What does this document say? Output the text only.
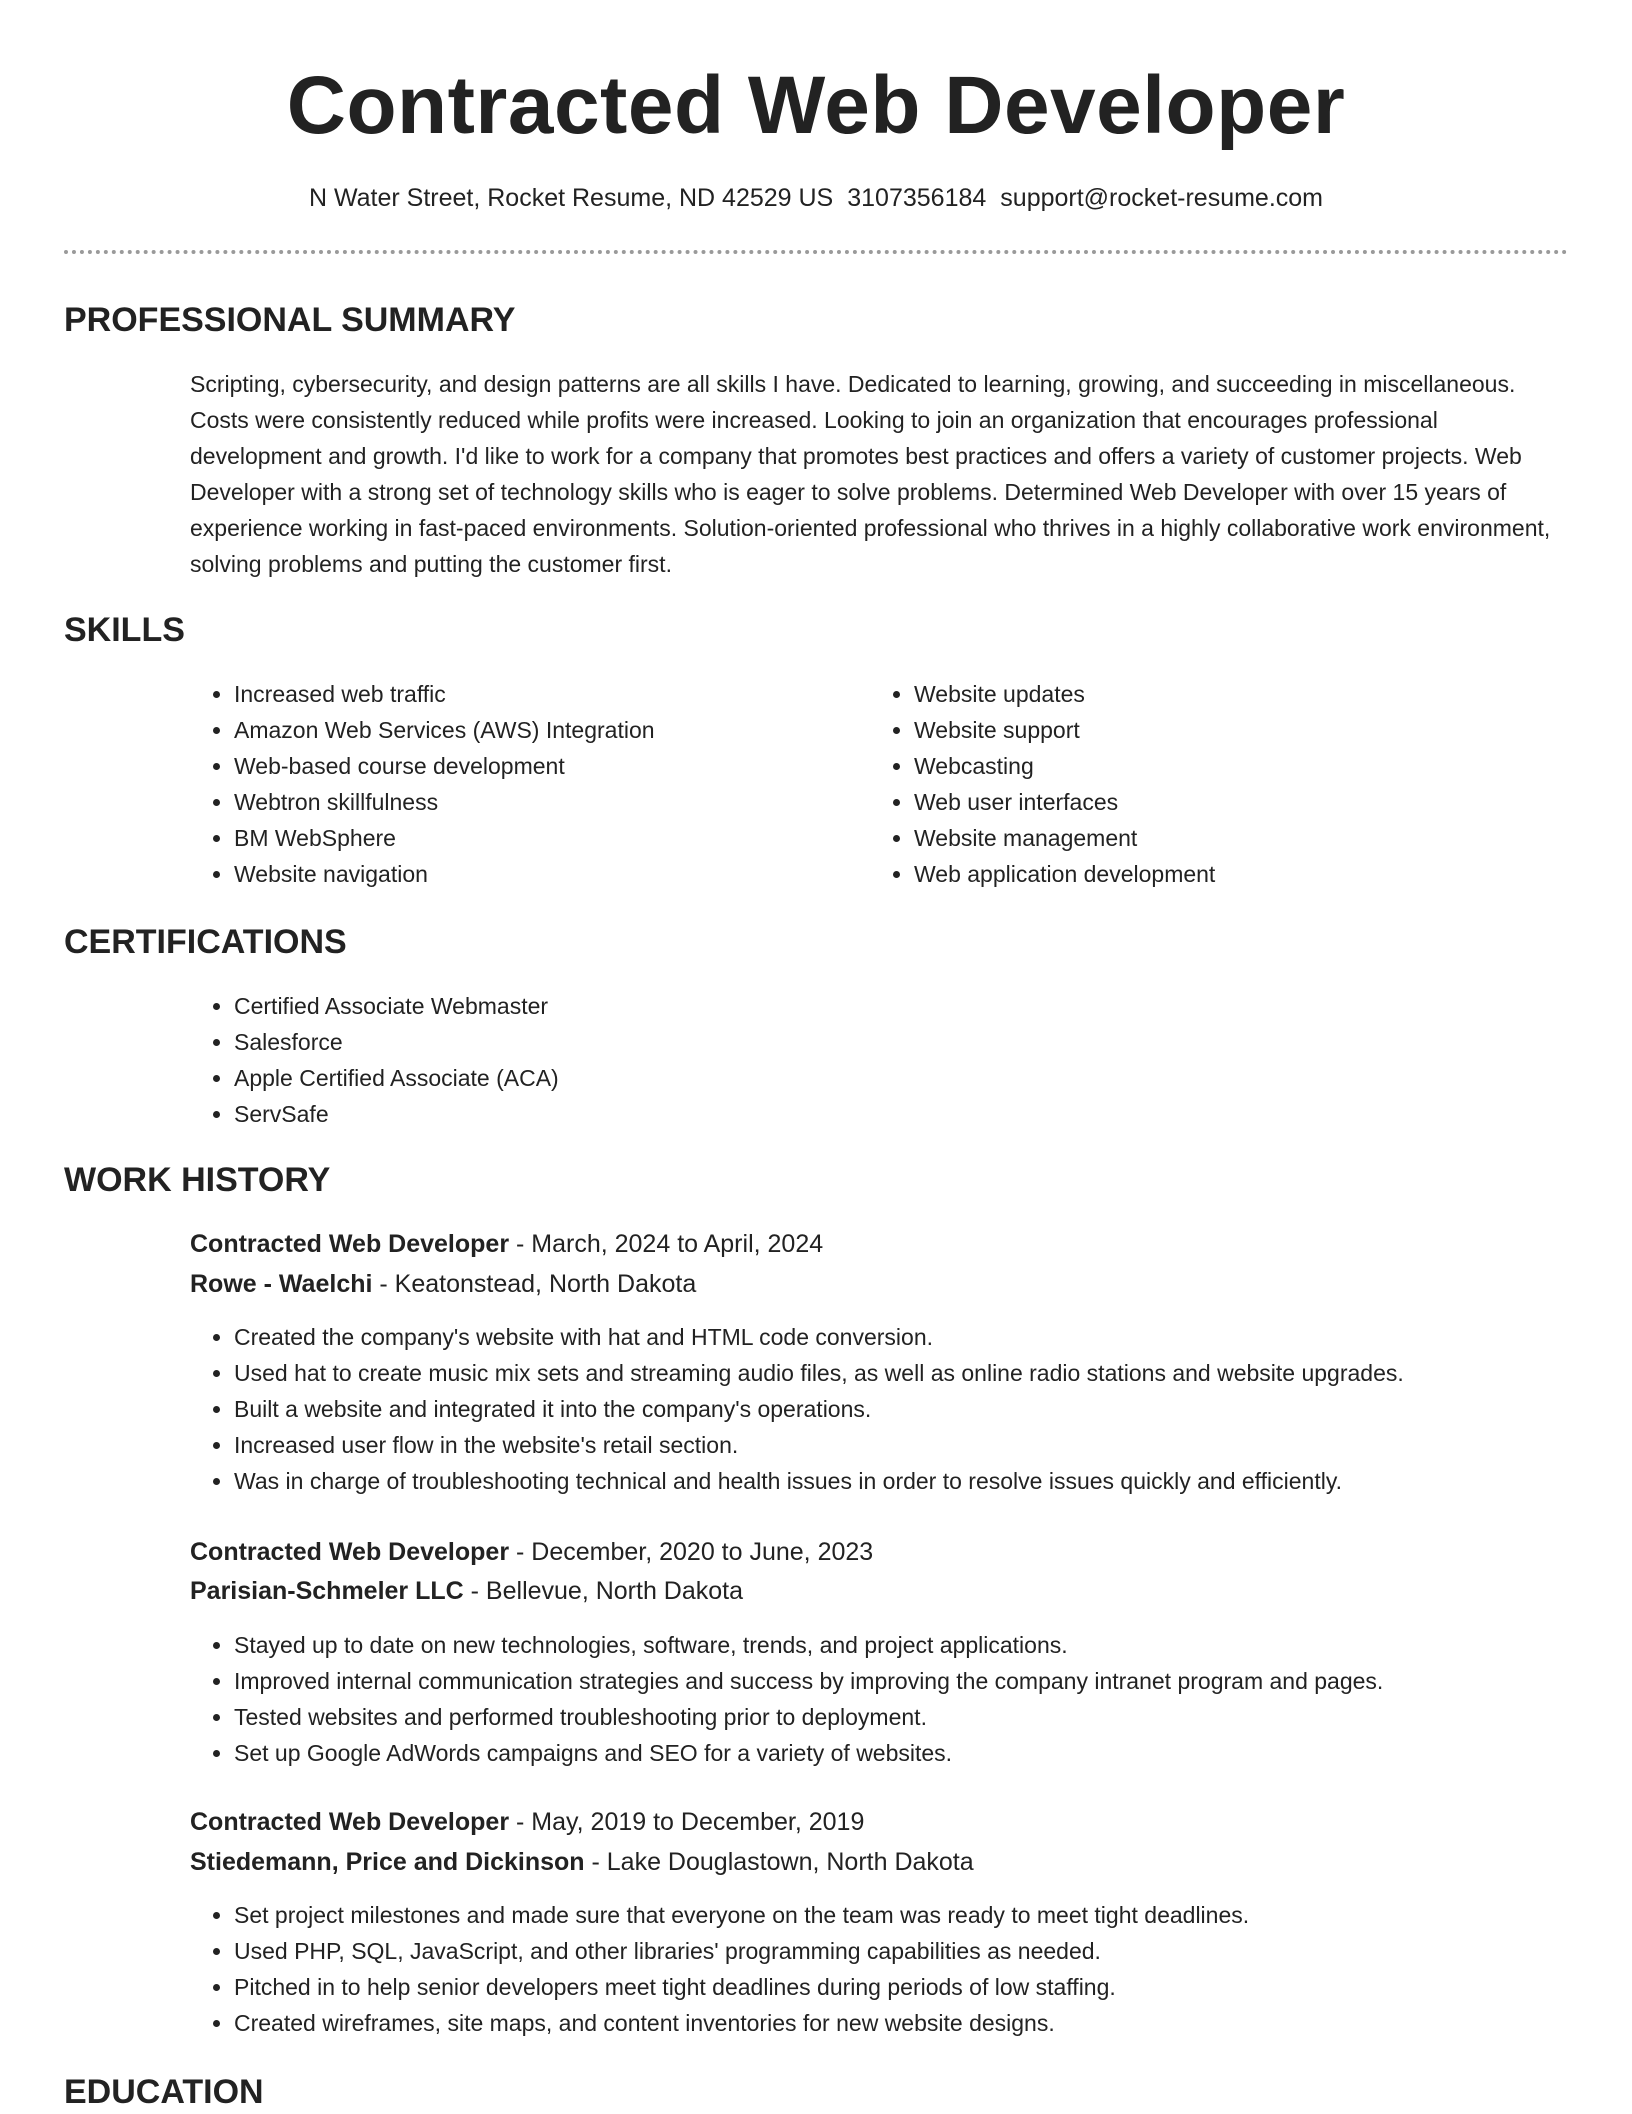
Contracted Web Developer
N Water Street, Rocket Resume, ND 42529 US 3107356184 support@rocket-resume.com
PROFESSIONAL SUMMARY
Scripting, cybersecurity, and design patterns are all skills I have. Dedicated to learning, growing, and succeeding in miscellaneous. Costs were consistently reduced while profits were increased. Looking to join an organization that encourages professional development and growth. I'd like to work for a company that promotes best practices and offers a variety of customer projects. Web Developer with a strong set of technology skills who is eager to solve problems. Determined Web Developer with over 15 years of experience working in fast-paced environments. Solution-oriented professional who thrives in a highly collaborative work environment, solving problems and putting the customer first.
SKILLS
• Increased web traffic
• Amazon Web Services (AWS) Integration
• Web-based course development
• Webtron skillfulness
• BM WebSphere
• Website navigation
• Website updates
• Website support
• Webcasting
• Web user interfaces
• Website management
• Web application development
CERTIFICATIONS
• Certified Associate Webmaster
• Salesforce
• Apple Certified Associate (ACA)
• ServSafe
WORK HISTORY
Contracted Web Developer - March, 2024 to April, 2024
Rowe - Waelchi - Keatonstead, North Dakota
• Created the company's website with hat and HTML code conversion.
• Used hat to create music mix sets and streaming audio files, as well as online radio stations and website upgrades.
• Built a website and integrated it into the company's operations.
• Increased user flow in the website's retail section.
• Was in charge of troubleshooting technical and health issues in order to resolve issues quickly and efficiently.
Contracted Web Developer - December, 2020 to June, 2023
Parisian-Schmeler LLC - Bellevue, North Dakota
• Stayed up to date on new technologies, software, trends, and project applications.
• Improved internal communication strategies and success by improving the company intranet program and pages.
• Tested websites and performed troubleshooting prior to deployment.
• Set up Google AdWords campaigns and SEO for a variety of websites.
Contracted Web Developer - May, 2019 to December, 2019
Stiedemann, Price and Dickinson - Lake Douglastown, North Dakota
• Set project milestones and made sure that everyone on the team was ready to meet tight deadlines.
• Used PHP, SQL, JavaScript, and other libraries' programming capabilities as needed.
• Pitched in to help senior developers meet tight deadlines during periods of low staffing.
• Created wireframes, site maps, and content inventories for new website designs.
EDUCATION
